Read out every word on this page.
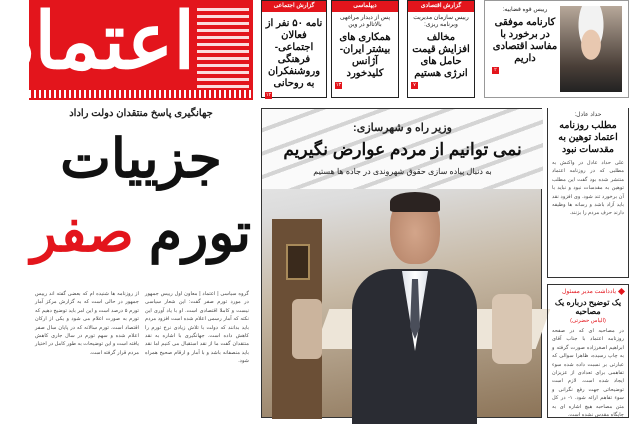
اعتماد	گزارش اجتماعی
نامه ۵۰ نفر از فعالان اجتماعی-فرهنگی وروشنفکران به روحانی
۱۲
دیپلماسی
پس از دیدار مراغهی بالاتالو در وین
همکاری های بیشتر ایران-آژانس کلیدخورد
۱۳
گزارش اقتصادی
رییس سازمان مدیریت وبرنامه ریزی:
مخالف افزایش قیمت حامل های انرژی هستیم
۷
رییس قوه قضاییه:
کارنامه موفقی در برخورد با مفاسد اقتصادی داریم
۲
جهانگیری پاسخ منتقدان دولت راداد
جزییات
تورم صفر
گروه سیاسی | اعتماد | معاون اول رییس جمهور در مورد تورم صفر گفت: این شعار سیاسی نیست و کاملا اقتصادی است. او با یاد آوری این نکته که آمار رسمی اعلام شده است افزود مردم باید بدانند که دولت با تلاش زیادی نرخ تورم را کاهش داده است. جهانگیری با اشاره به نقد منتقدان گفت ما از نقد استقبال می کنیم اما نقد باید منصفانه باشد و با آمار و ارقام صحیح همراه شود.
از روزنامه ها شنیده ام که بعضی گفته اند رییس جمهور در حالی است که به گزارش مرکز آمار تورم ۵ درصد است و این امر باید توضیح دهیم که تورم به صورت اعلام می شود و یکی از ارکان اقتصاد است. تورم سالانه که در پایان سال صفر اعلام شده و سهم تورم در سال جاری کاهش یافته است و این توضیحات به طور کامل در اختیار مردم قرار گرفته است.
وزیر راه و شهرسازی:
نمی توانیم از مردم عوارض نگیریم
به دنبال پیاده سازی حقوق شهروندی در جاده ها هستیم
حداد عادل:
مطلب روزنامه اعتماد توهین به مقدسات نبود
علی حداد عادل در واکنش به مطلبی که در روزنامه اعتماد منتشر شده بود گفت این مطلب توهین به مقدسات نبود و نباید با آن برخورد تند شود. وی افزود نقد باید آزاد باشد و رسانه ها وظیفه دارند حرف مردم را بزنند.
یادداشت مدیر مسئول
یک توضیح درباره یک مصاحبه
(الیاس حضرتی)
در مصاحبه ای که در صفحه روزنامه اعتماد با جناب آقای ابراهیم اصغرزاده صورت گرفته و به چاپ رسیده، ظاهرا سوالی که عبارتی بر نسبت داده شده سوء تفاهمی برای تعدادی از عزیزان ایجاد شده است. لازم است توضیحاتی جهت رفع نگرانی و سوء تفاهم ارائه شود. ۱- در کل متن مصاحبه هیچ اشاره ای به جایگاه مقدس نشده است.
